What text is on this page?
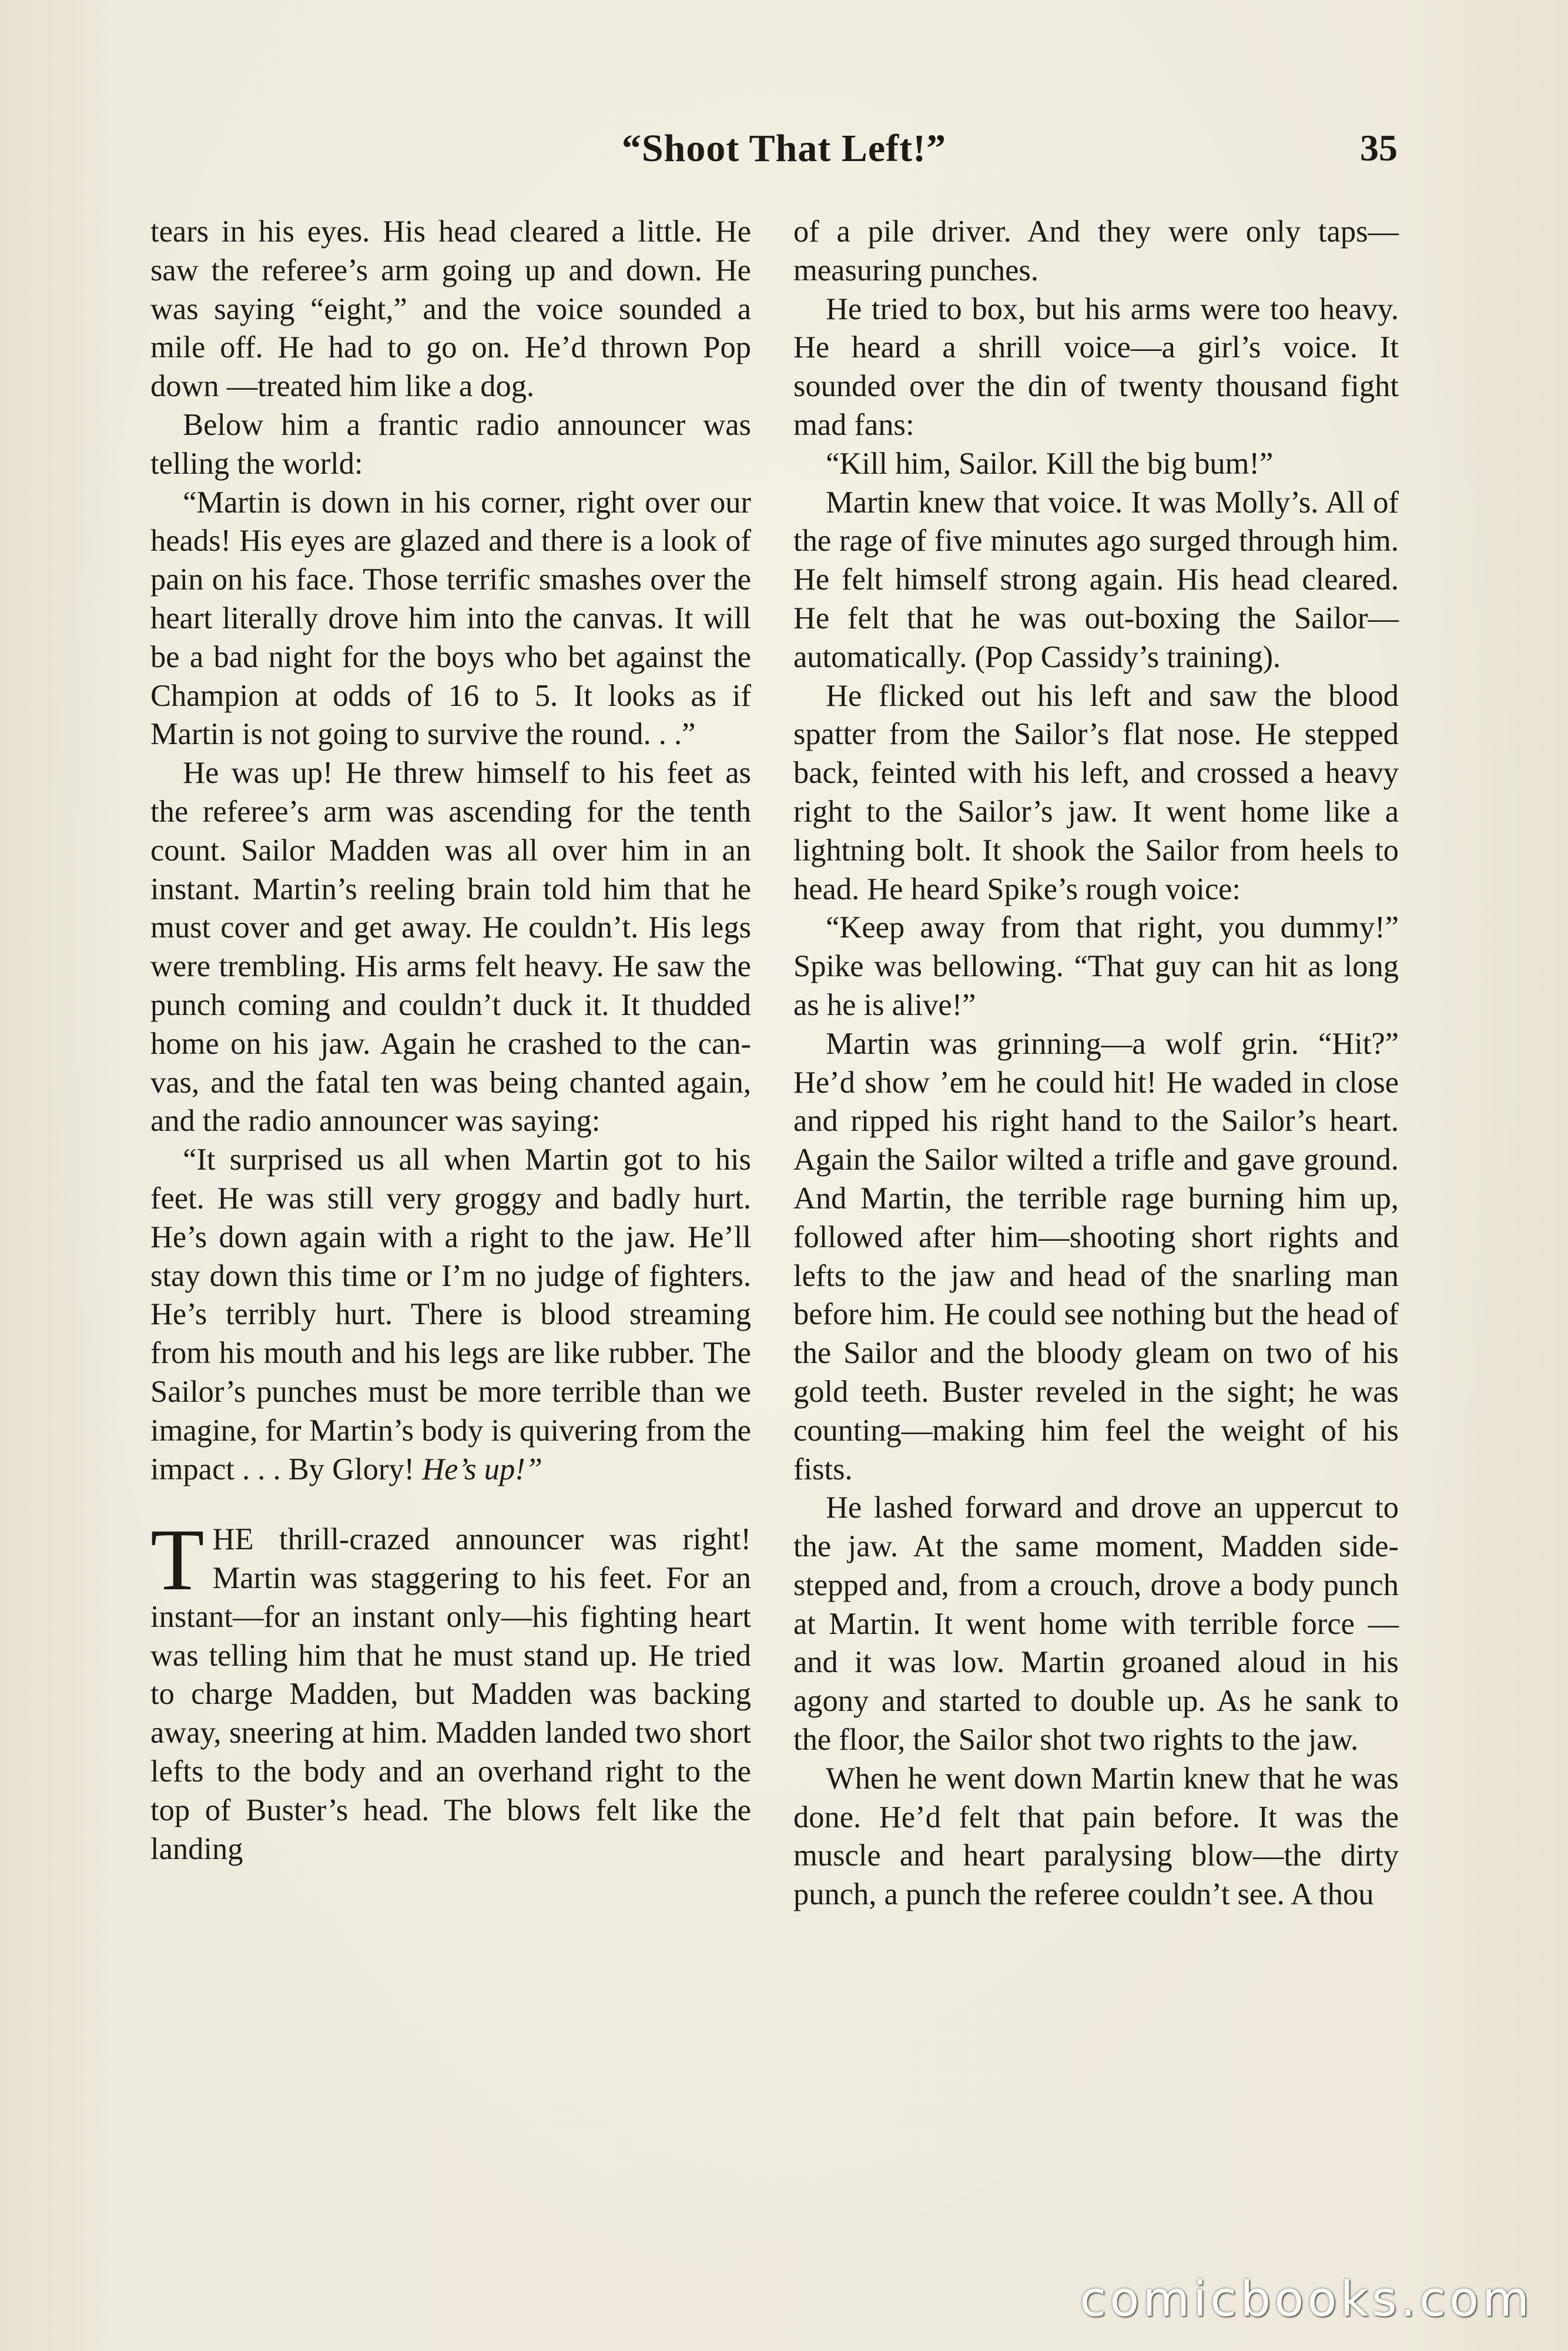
“Shoot That Left!”	35

tears in his eyes. His head cleared a little. He saw the referee’s arm going up and down. He was saying “eight,” and the voice sounded a mile off. He had to go on. He’d thrown Pop down —treated him like a dog.

Below him a frantic radio announcer was telling the world:

“Martin is down in his corner, right over our heads! His eyes are glazed and there is a look of pain on his face. Those terrific smashes over the heart literally drove him into the canvas. It will be a bad night for the boys who bet against the Champion at odds of 16 to 5. It looks as if Martin is not going to survive the round. . .”

He was up! He threw himself to his feet as the referee’s arm was ascending for the tenth count. Sailor Madden was all over him in an instant. Martin’s reeling brain told him that he must cover and get away. He couldn’t. His legs were trembling. His arms felt heavy. He saw the punch coming and couldn’t duck it. It thudded home on his jaw. Again he crashed to the canvas, and the fatal ten was being chanted again, and the radio announcer was saying:

“It surprised us all when Martin got to his feet. He was still very groggy and badly hurt. He’s down again with a right to the jaw. He’ll stay down this time or I’m no judge of fighters. He’s terribly hurt. There is blood streaming from his mouth and his legs are like rubber. The Sailor’s punches must be more terrible than we imagine, for Martin’s body is quivering from the impact . . . By Glory! He’s up!”

THE thrill-crazed announcer was right! Martin was staggering to his feet. For an instant—for an instant only—his fighting heart was telling him that he must stand up. He tried to charge Madden, but Madden was backing away, sneering at him. Madden landed two short lefts to the body and an overhand right to the top of Buster’s head. The blows felt like the landing

of a pile driver. And they were only taps—measuring punches.

He tried to box, but his arms were too heavy. He heard a shrill voice—a girl’s voice. It sounded over the din of twenty thousand fight mad fans:

“Kill him, Sailor. Kill the big bum!”

Martin knew that voice. It was Molly’s. All of the rage of five minutes ago surged through him. He felt himself strong again. His head cleared. He felt that he was out-boxing the Sailor—automatically. (Pop Cassidy’s training).

He flicked out his left and saw the blood spatter from the Sailor’s flat nose. He stepped back, feinted with his left, and crossed a heavy right to the Sailor’s jaw. It went home like a lightning bolt. It shook the Sailor from heels to head. He heard Spike’s rough voice:

“Keep away from that right, you dummy!” Spike was bellowing. “That guy can hit as long as he is alive!”

Martin was grinning—a wolf grin. “Hit?” He’d show ’em he could hit! He waded in close and ripped his right hand to the Sailor’s heart. Again the Sailor wilted a trifle and gave ground. And Martin, the terrible rage burning him up, followed after him—shooting short rights and lefts to the jaw and head of the snarling man before him. He could see nothing but the head of the Sailor and the bloody gleam on two of his gold teeth. Buster reveled in the sight; he was counting—making him feel the weight of his fists.

He lashed forward and drove an uppercut to the jaw. At the same moment, Madden side-stepped and, from a crouch, drove a body punch at Martin. It went home with terrible force —and it was low. Martin groaned aloud in his agony and started to double up. As he sank to the floor, the Sailor shot two rights to the jaw.

When he went down Martin knew that he was done. He’d felt that pain before. It was the muscle and heart paralysing blow—the dirty punch, a punch the referee couldn’t see. A thou

comicbooks.com
